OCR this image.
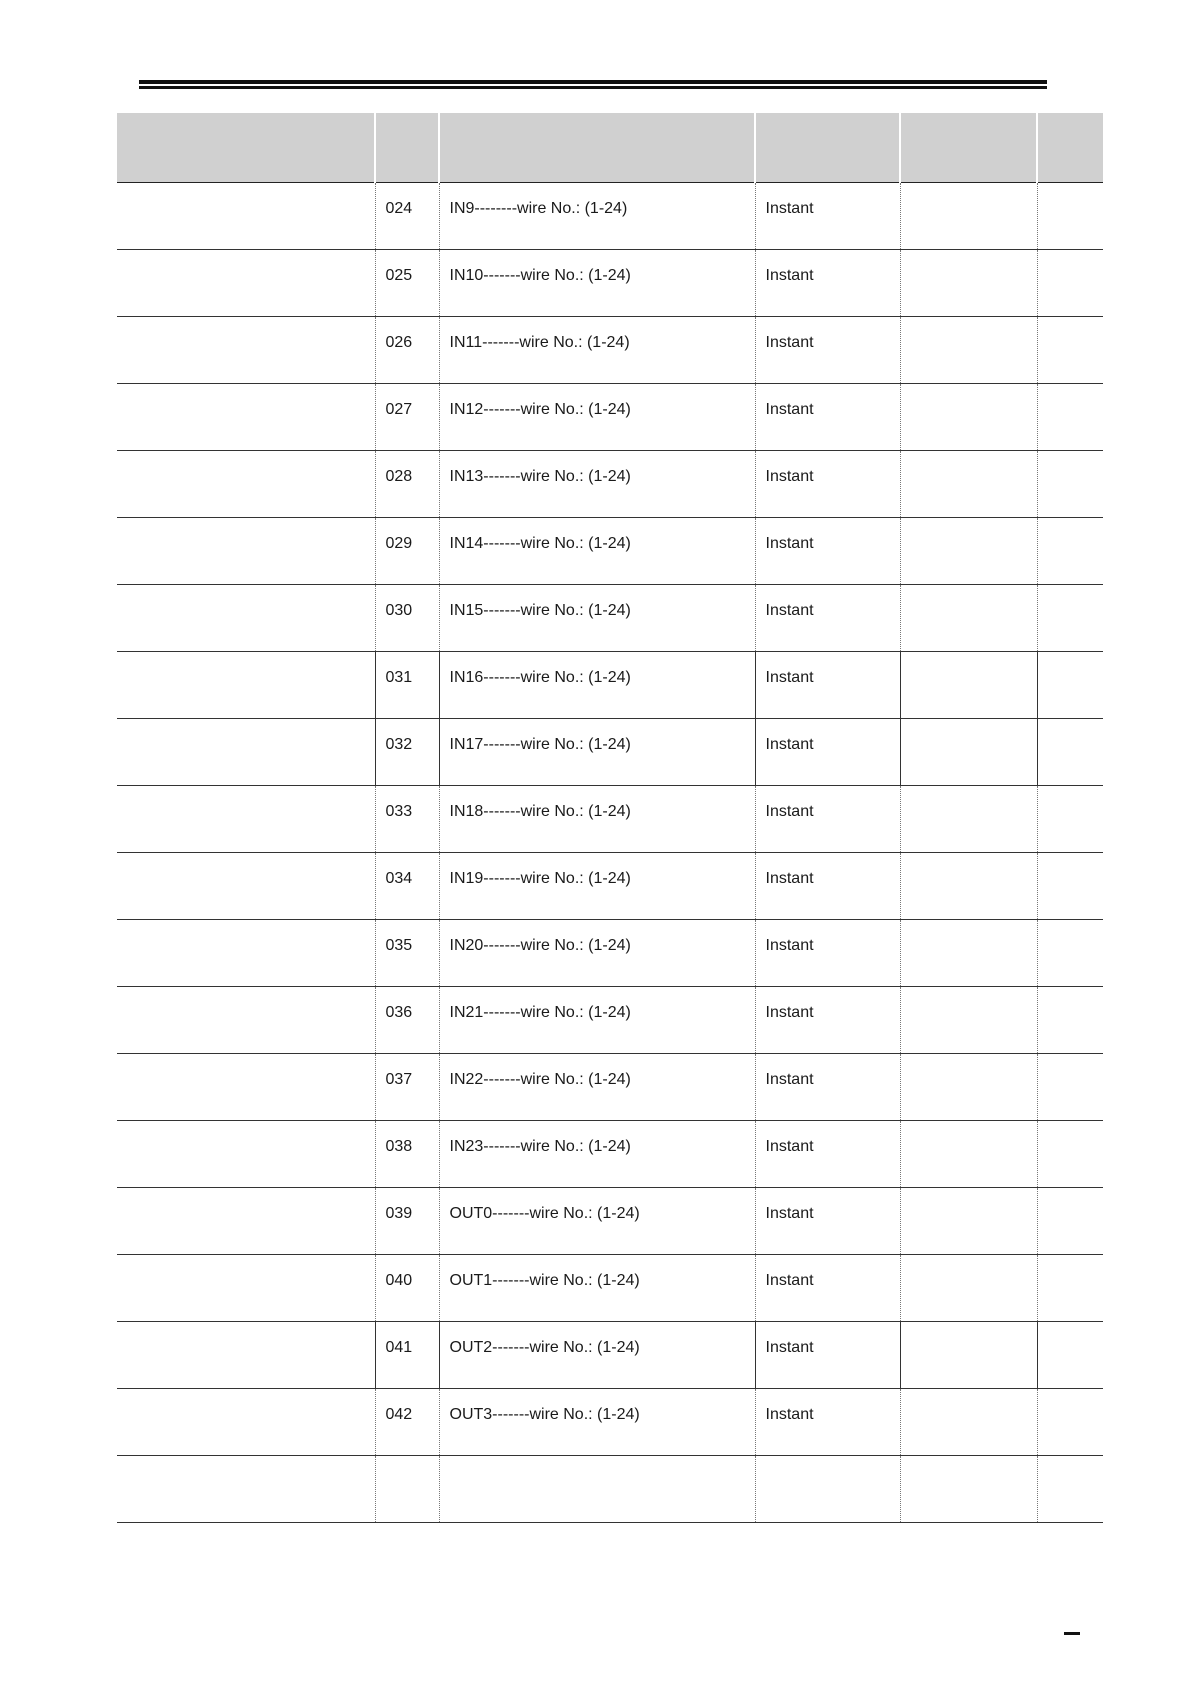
	024	IN9--------wire No.: (1-24)	Instant		

	025	IN10-------wire No.: (1-24)	Instant		

	026	IN11-------wire No.: (1-24)	Instant		

	027	IN12-------wire No.: (1-24)	Instant		

	028	IN13-------wire No.: (1-24)	Instant		

	029	IN14-------wire No.: (1-24)	Instant		

	030	IN15-------wire No.: (1-24)	Instant		

	031	IN16-------wire No.: (1-24)	Instant		

	032	IN17-------wire No.: (1-24)	Instant		

	033	IN18-------wire No.: (1-24)	Instant		

	034	IN19-------wire No.: (1-24)	Instant		

	035	IN20-------wire No.: (1-24)	Instant		

	036	IN21-------wire No.: (1-24)	Instant		

	037	IN22-------wire No.: (1-24)	Instant		

	038	IN23-------wire No.: (1-24)	Instant		

	039	OUT0-------wire No.: (1-24)	Instant		

	040	OUT1-------wire No.: (1-24)	Instant		

	041	OUT2-------wire No.: (1-24)	Instant		

	042	OUT3-------wire No.: (1-24)	Instant		
